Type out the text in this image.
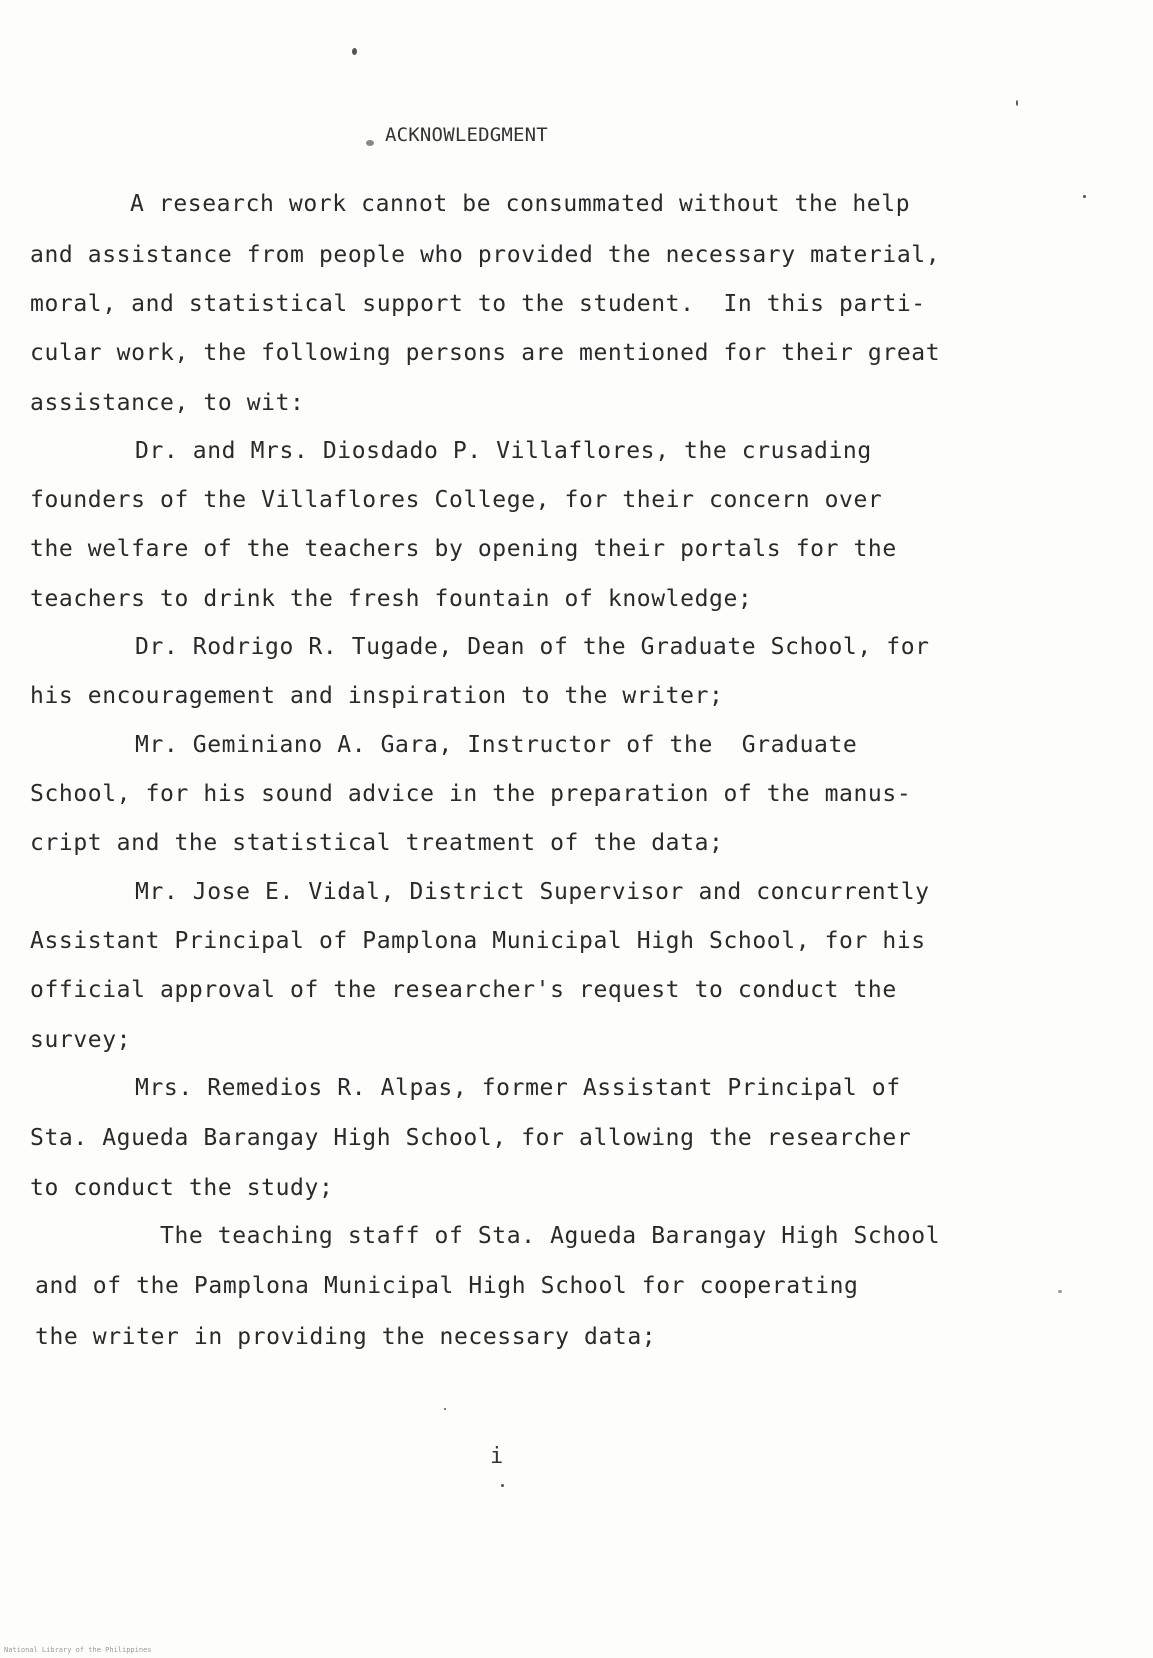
ACKNOWLEDGMENT
A research work cannot be consummated without the help
and assistance from people who provided the necessary material,
moral, and statistical support to the student.  In this parti-
cular work, the following persons are mentioned for their great
assistance, to wit:
Dr. and Mrs. Diosdado P. Villaflores, the crusading
founders of the Villaflores College, for their concern over
the welfare of the teachers by opening their portals for the
teachers to drink the fresh fountain of knowledge;
Dr. Rodrigo R. Tugade, Dean of the Graduate School, for
his encouragement and inspiration to the writer;
Mr. Geminiano A. Gara, Instructor of the  Graduate
School, for his sound advice in the preparation of the manus-
cript and the statistical treatment of the data;
Mr. Jose E. Vidal, District Supervisor and concurrently
Assistant Principal of Pamplona Municipal High School, for his
official approval of the researcher's request to conduct the
survey;
Mrs. Remedios R. Alpas, former Assistant Principal of
Sta. Agueda Barangay High School, for allowing the researcher
to conduct the study;
The teaching staff of Sta. Agueda Barangay High School
and of the Pamplona Municipal High School for cooperating
the writer in providing the necessary data;
i
National Library of the Philippines
